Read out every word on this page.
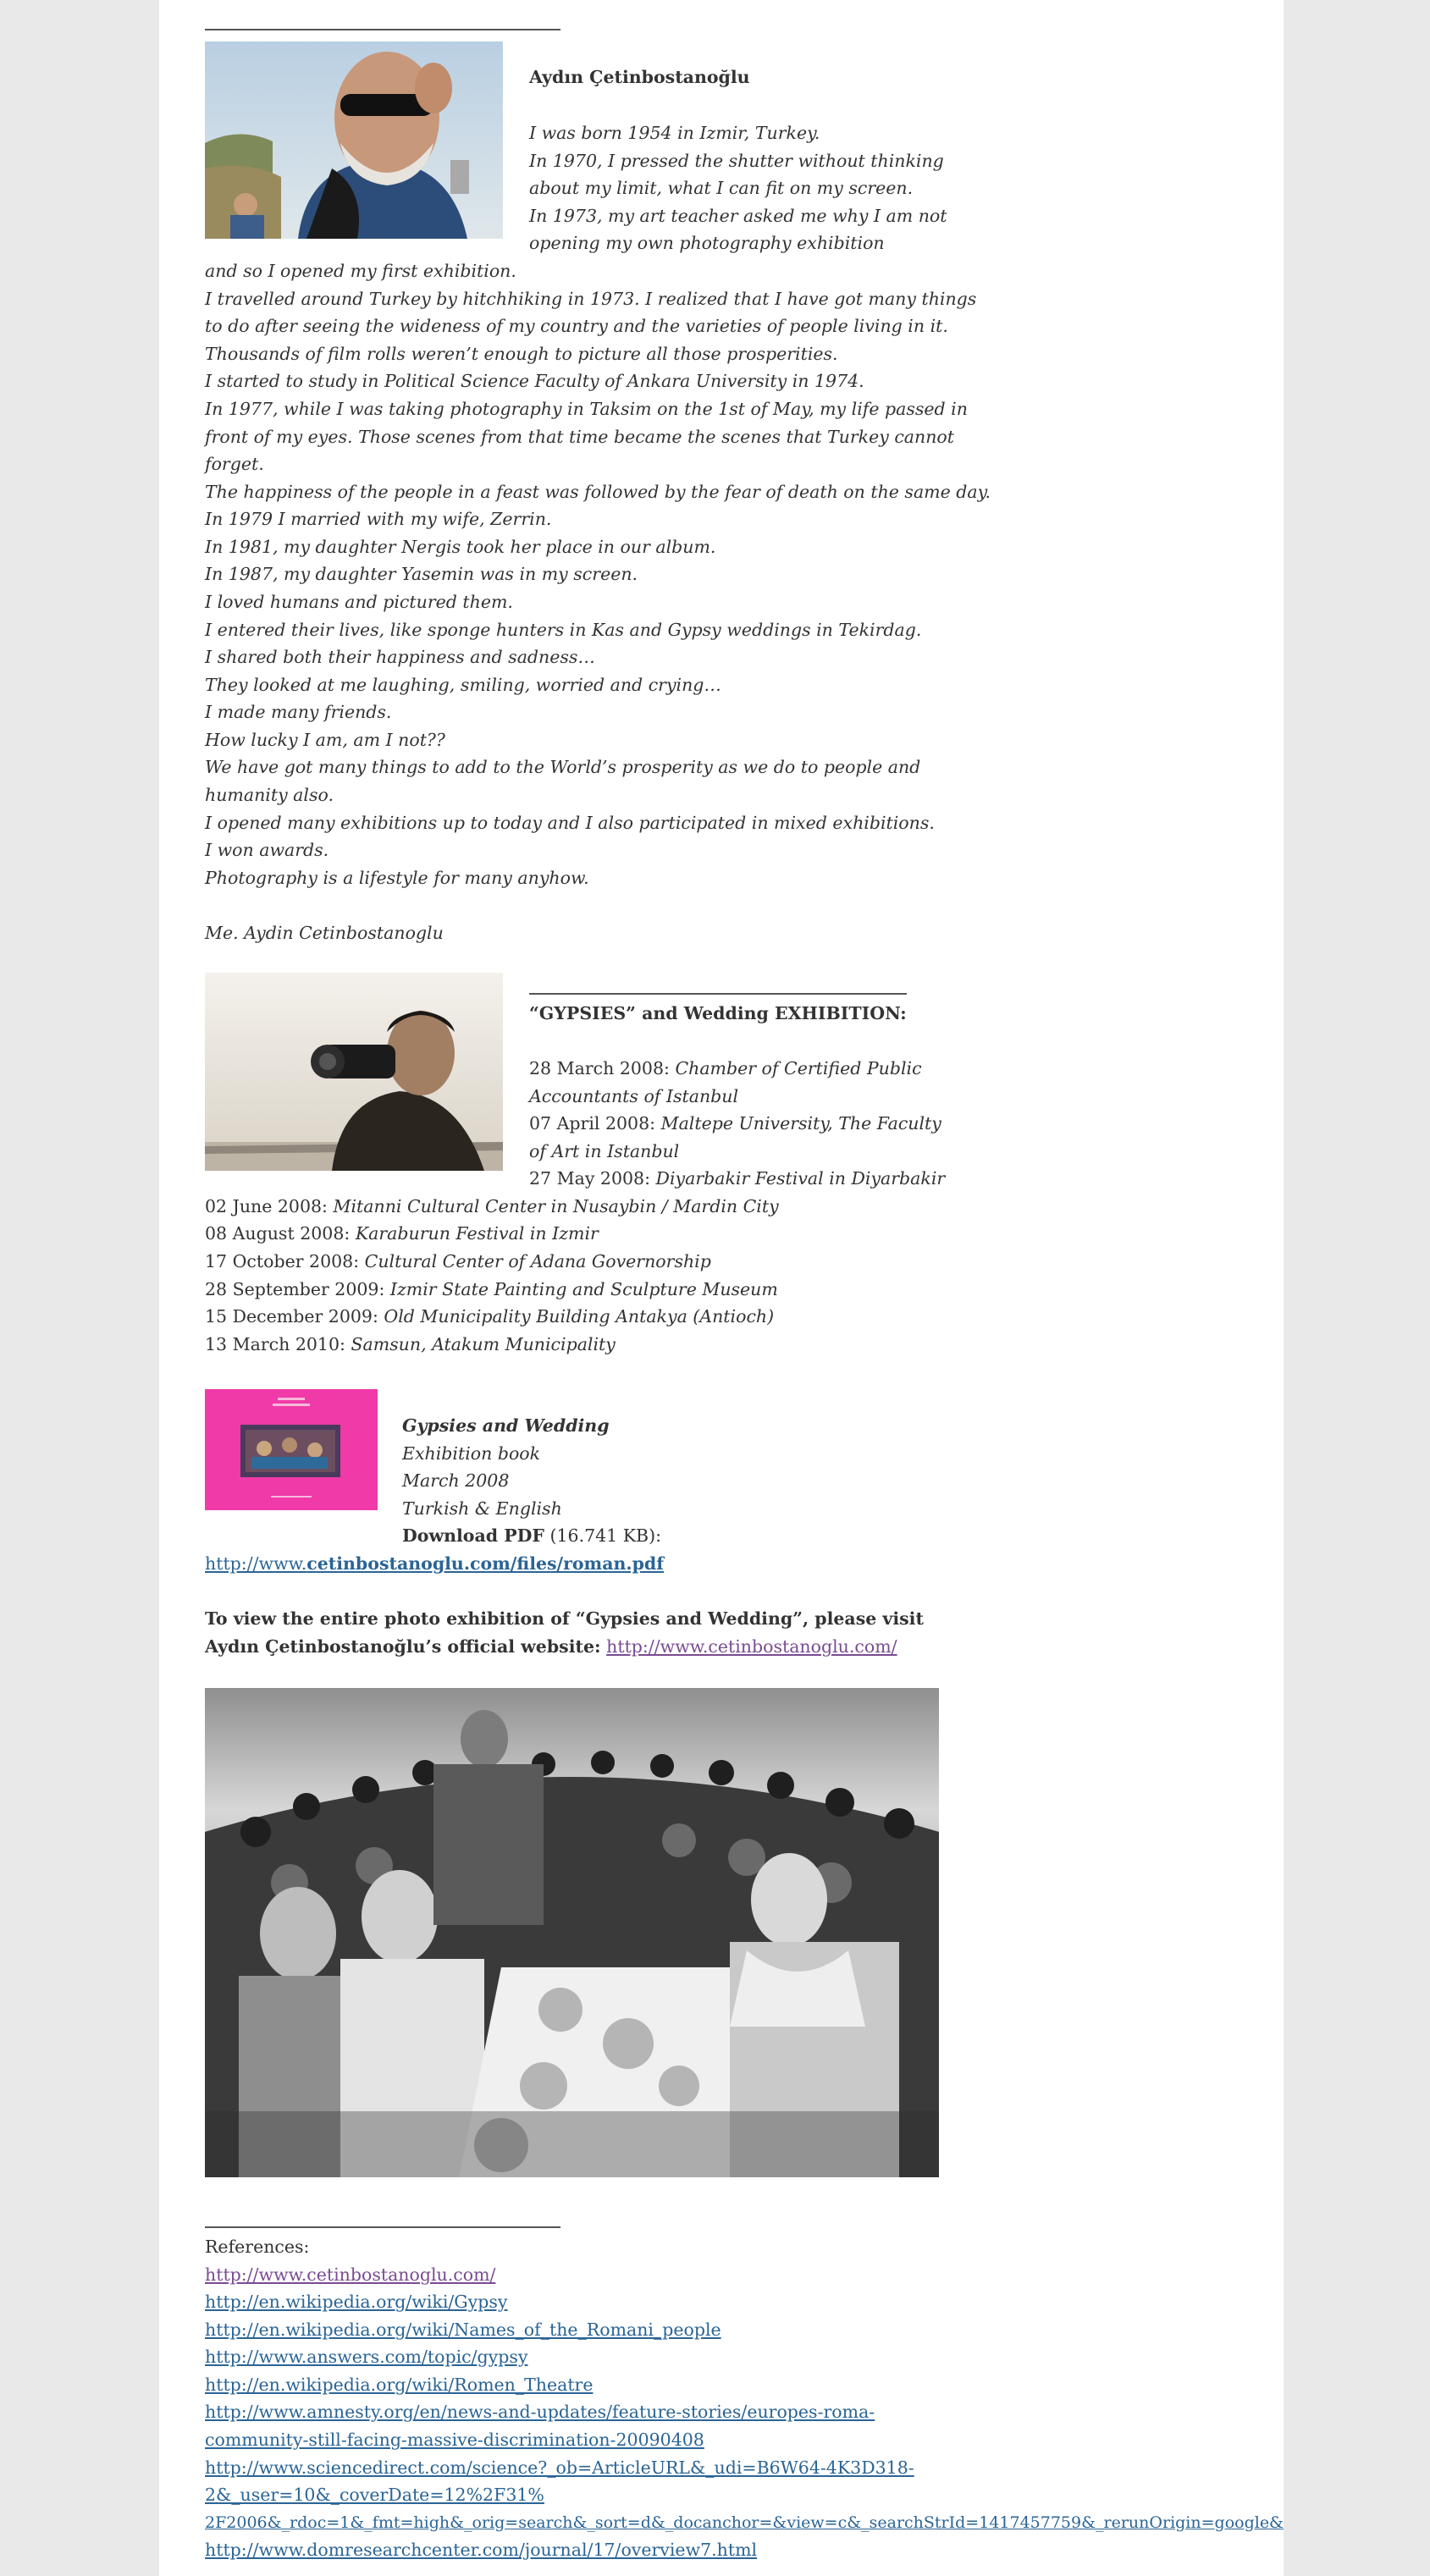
Aydın Çetinbostanoğlu
I was born 1954 in Izmir, Turkey.
In 1970, I pressed the shutter without thinking
about my limit, what I can fit on my screen.
In 1973, my art teacher asked me why I am not
opening my own photography exhibition
and so I opened my first exhibition.
I travelled around Turkey by hitchhiking in 1973. I realized that I have got many things
to do after seeing the wideness of my country and the varieties of people living in it.
Thousands of film rolls weren’t enough to picture all those prosperities.
I started to study in Political Science Faculty of Ankara University in 1974.
In 1977, while I was taking photography in Taksim on the 1st of May, my life passed in
front of my eyes. Those scenes from that time became the scenes that Turkey cannot
forget.
The happiness of the people in a feast was followed by the fear of death on the same day.
In 1979 I married with my wife, Zerrin.
In 1981, my daughter Nergis took her place in our album.
In 1987, my daughter Yasemin was in my screen.
I loved humans and pictured them.
I entered their lives, like sponge hunters in Kas and Gypsy weddings in Tekirdag.
I shared both their happiness and sadness…
They looked at me laughing, smiling, worried and crying…
I made many friends.
How lucky I am, am I not??
We have got many things to add to the World’s prosperity as we do to people and
humanity also.
I opened many exhibitions up to today and I also participated in mixed exhibitions.
I won awards.
Photography is a lifestyle for many anyhow.
Me. Aydin Cetinbostanoglu
“GYPSIES” and Wedding EXHIBITION:
28 March 2008: Chamber of Certified Public
Accountants of Istanbul
07 April 2008: Maltepe University, The Faculty
of Art in Istanbul
27 May 2008: Diyarbakir Festival in Diyarbakir
02 June 2008: Mitanni Cultural Center in Nusaybin / Mardin City
08 August 2008: Karaburun Festival in Izmir
17 October 2008: Cultural Center of Adana Governorship
28 September 2009: Izmir State Painting and Sculpture Museum
15 December 2009: Old Municipality Building Antakya (Antioch)
13 March 2010: Samsun, Atakum Municipality
Gypsies and Wedding
Exhibition book
March 2008
Turkish & English
Download PDF (16.741 KB):
http://www.cetinbostanoglu.com/files/roman.pdf
To view the entire photo exhibition of “Gypsies and Wedding”, please visit
Aydın Çetinbostanoğlu’s official website: http://www.cetinbostanoglu.com/
References:
http://www.cetinbostanoglu.com/
http://en.wikipedia.org/wiki/Gypsy
http://en.wikipedia.org/wiki/Names_of_the_Romani_people
http://www.answers.com/topic/gypsy
http://en.wikipedia.org/wiki/Romen_Theatre
http://www.amnesty.org/en/news-and-updates/feature-stories/europes-roma-
community-still-facing-massive-discrimination-20090408
http://www.sciencedirect.com/science?_ob=ArticleURL&_udi=B6W64-4K3D318-
2&_user=10&_coverDate=12%2F31%
2F2006&_rdoc=1&_fmt=high&_orig=search&_sort=d&_docanchor=&view=c&_searchStrId=1417457759&_rerunOrigin=google&
http://www.domresearchcenter.com/journal/17/overview7.html
